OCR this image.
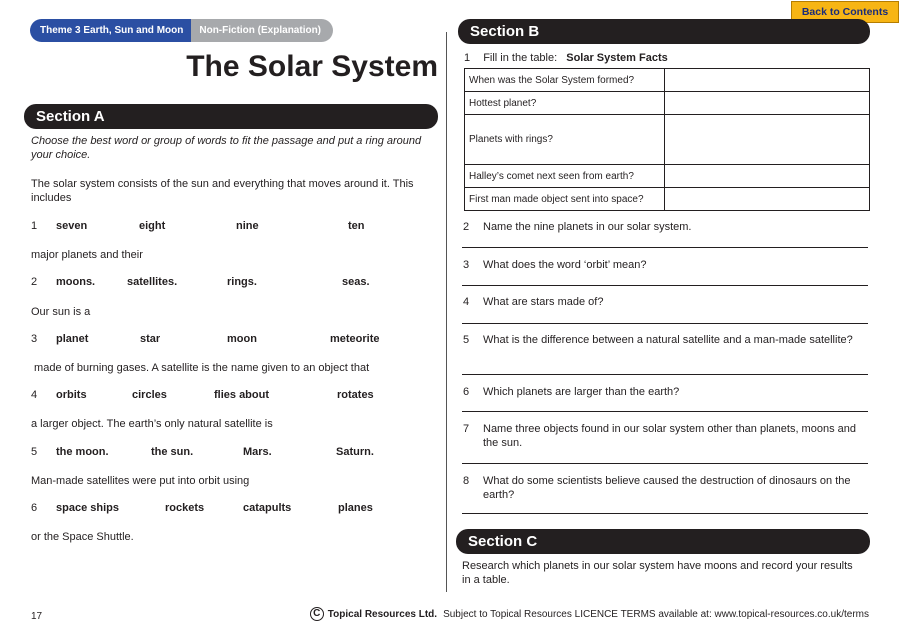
Theme 3 Earth, Sun and Moon	Non-Fiction (Explanation)
The Solar System
Back to Contents
Section A
Choose the best word or group of words to fit the passage and put a ring around your choice.
The solar system consists of the sun and everything that moves around it. This includes
1 seven	eight	nine	ten
major planets and their
2 moons.	satellites.	rings.	seas.
Our sun is a
3 planet	star	moon	meteorite
made of burning gases. A satellite is the name given to an object that
4 orbits	circles	flies about	rotates
a larger object. The earth’s only natural satellite is
5 the moon.	the sun.	Mars.	Saturn.
Man-made satellites were put into orbit using
6 space ships	rockets	catapults	planes
or the Space Shuttle.
Section B
1 Fill in the table: Solar System Facts
When was the Solar System formed?	
Hottest planet?	
Planets with rings?	
Halley’s comet next seen from earth?	
First man made object sent into space?	
2 Name the nine planets in our solar system.
3 What does the word ‘orbit’ mean?
4 What are stars made of?
5 What is the difference between a natural satellite and a man-made satellite?
6 Which planets are larger than the earth?
7 Name three objects found in our solar system other than planets, moons and the sun.
8 What do some scientists believe caused the destruction of dinosaurs on the earth?
Section C
Research which planets in our solar system have moons and record your results in a table.
17	C Topical Resources Ltd. Subject to Topical Resources LICENCE TERMS available at: www.topical-resources.co.uk/terms
